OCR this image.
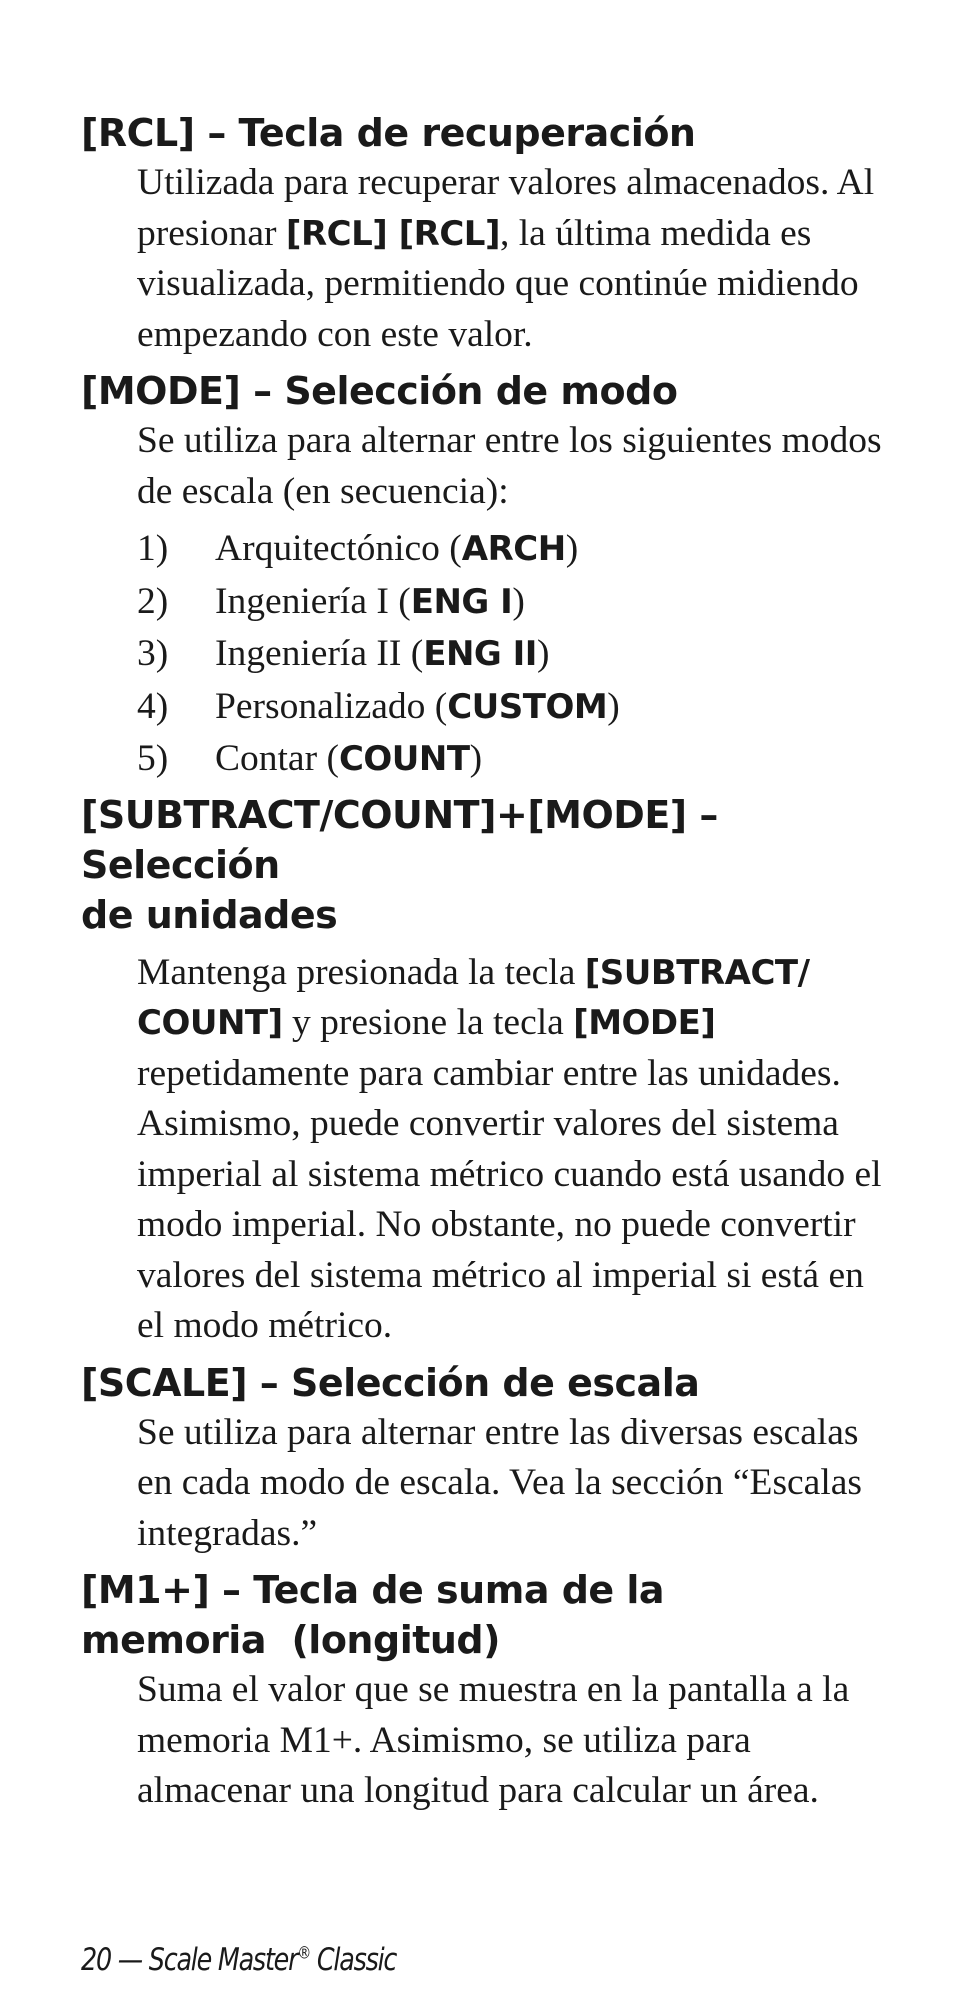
[RCL] – Tecla de recuperación

Utilizada para recuperar valores almacenados. Al presionar [RCL] [RCL], la última medida es visualizada, permitiendo que continúe midiendo empezando con este valor.

[MODE] – Selección de modo

Se utiliza para alternar entre los siguientes modos de escala (en secuencia):

1)	Arquitectónico (ARCH)
2)	Ingeniería I (ENG I)
3)	Ingeniería II (ENG II)
4)	Personalizado (CUSTOM)
5)	Contar (COUNT)
[SUBTRACT/COUNT]+[MODE] – Selección
de unidades

Mantenga presionada la tecla [SUBTRACT/ COUNT] y presione la tecla [MODE] repetidamente para cambiar entre las unidades. Asimismo, puede convertir valores del sistema imperial al sistema métrico cuando está usando el modo imperial. No obstante, no puede convertir valores del sistema métrico al imperial si está en el modo métrico.

[SCALE] – Selección de escala

Se utiliza para alternar entre las diversas escalas en cada modo de escala. Vea la sección “Escalas integradas.”

[M1+] – Tecla de suma de la
memoria  (longitud)

Suma el valor que se muestra en la pantalla a la memoria M1+. Asimismo, se utiliza para almacenar una longitud para calcular un área.

20 — Scale Master® Classic
